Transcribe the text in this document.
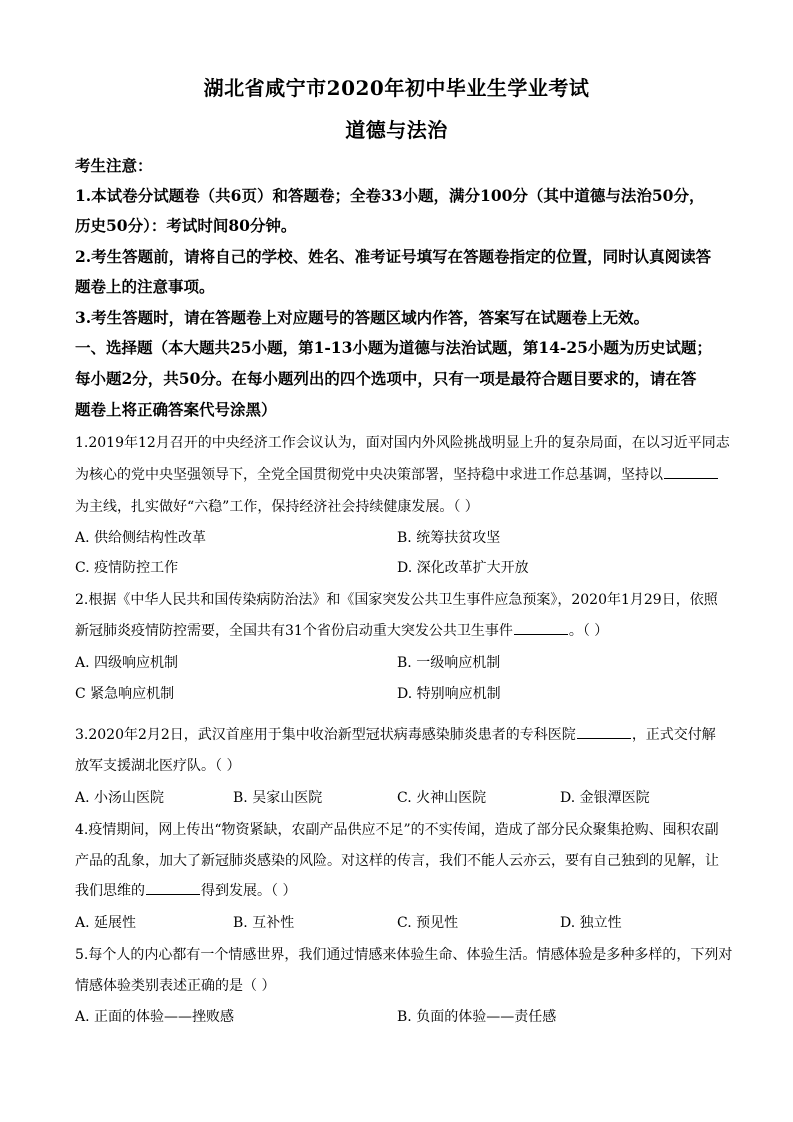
湖北省咸宁市2020年初中毕业生学业考试
道德与法治
考生注意：
1.本试卷分试题卷（共6页）和答题卷；全卷33小题，满分100分（其中道德与法治50分，
历史50分）：考试时间80分钟。
2.考生答题前，请将自己的学校、姓名、准考证号填写在答题卷指定的位置，同时认真阅读答
题卷上的注意事项。
3.考生答题时，请在答题卷上对应题号的答题区域内作答，答案写在试题卷上无效。
一、选择题（本大题共25小题，第1-13小题为道德与法治试题，第14-25小题为历史试题；
每小题2分，共50分。在每小题列出的四个选项中，只有一项是最符合题目要求的，请在答
题卷上将正确答案代号涂黑）
1.2019年12月召开的中央经济工作会议认为，面对国内外风险挑战明显上升的复杂局面，在以习近平同志
为核心的党中央坚强领导下，全党全国贯彻党中央决策部署，坚持稳中求进工作总基调，坚持以
为主线，扎实做好“六稳”工作，保持经济社会持续健康发展。（ ）
A. 供给侧结构性改革	B. 统筹扶贫攻坚
C. 疫情防控工作	D. 深化改革扩大开放
2.根据《中华人民共和国传染病防治法》和《国家突发公共卫生事件应急预案》，2020年1月29日，依照
新冠肺炎疫情防控需要，全国共有31个省份启动重大突发公共卫生事件	。（ ）
A. 四级响应机制	B. 一级响应机制
C 紧急响应机制	D. 特别响应机制
3.2020年2月2日，武汉首座用于集中收治新型冠状病毒感染肺炎患者的专科医院	，正式交付解
放军支援湖北医疗队。（ ）
A. 小汤山医院	B. 吴家山医院	C. 火神山医院	D. 金银潭医院
4.疫情期间，网上传出“物资紧缺，农副产品供应不足”的不实传闻，造成了部分民众聚集抢购、囤积农副
产品的乱象，加大了新冠肺炎感染的风险。对这样的传言，我们不能人云亦云，要有自己独到的见解，让
我们思维的	得到发展。（ ）
A. 延展性	B. 互补性	C. 预见性	D. 独立性
5.每个人的内心都有一个情感世界，我们通过情感来体验生命、体验生活。情感体验是多种多样的，下列对
情感体验类别表述正确的是（ ）
A. 正面的体验——挫败感	B. 负面的体验——责任感
